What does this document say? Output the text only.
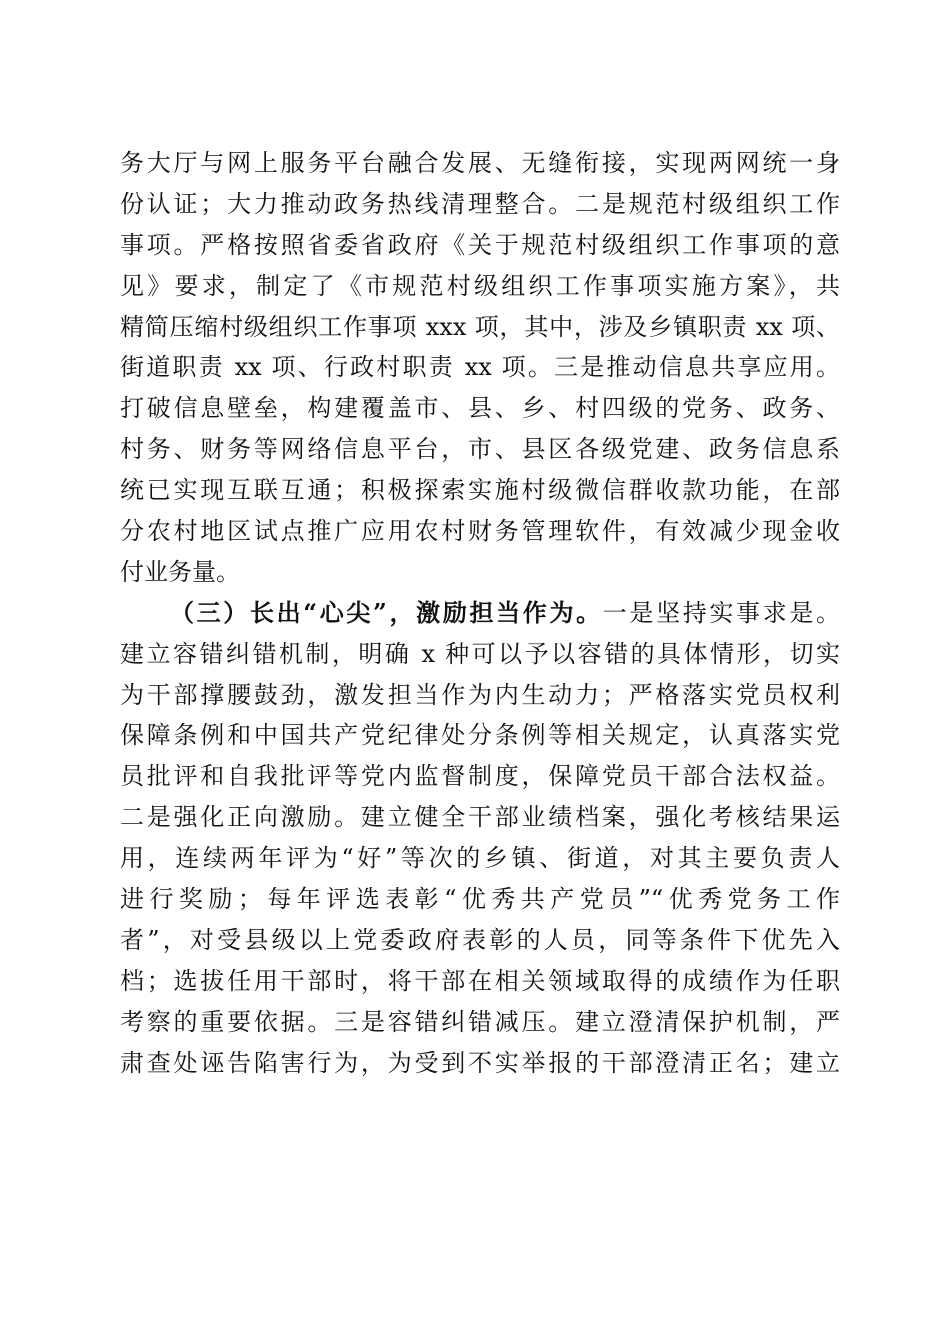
务大厅与网上服务平台融合发展、无缝衔接，实现两网统一身
份认证；大力推动政务热线清理整合。二是规范村级组织工作
事项。严格按照省委省政府《关于规范村级组织工作事项的意
见》要求，制定了《市规范村级组织工作事项实施方案》，共
精简压缩村级组织工作事项 xxx 项，其中，涉及乡镇职责 xx 项、
街道职责 xx 项、行政村职责 xx 项。三是推动信息共享应用。
打破信息壁垒，构建覆盖市、县、乡、村四级的党务、政务、
村务、财务等网络信息平台，市、县区各级党建、政务信息系
统已实现互联互通；积极探索实施村级微信群收款功能，在部
分农村地区试点推广应用农村财务管理软件，有效减少现金收
付业务量。
（三）长出“心尖”，激励担当作为。一是坚持实事求是。
建立容错纠错机制，明确 x 种可以予以容错的具体情形，切实
为干部撑腰鼓劲，激发担当作为内生动力；严格落实党员权利
保障条例和中国共产党纪律处分条例等相关规定，认真落实党
员批评和自我批评等党内监督制度，保障党员干部合法权益。
二是强化正向激励。建立健全干部业绩档案，强化考核结果运
用，连续两年评为“好”等次的乡镇、街道，对其主要负责人
进行奖励；每年评选表彰“优秀共产党员”“优秀党务工作
者”，对受县级以上党委政府表彰的人员，同等条件下优先入
档；选拔任用干部时，将干部在相关领域取得的成绩作为任职
考察的重要依据。三是容错纠错减压。建立澄清保护机制，严
肃查处诬告陷害行为，为受到不实举报的干部澄清正名；建立
